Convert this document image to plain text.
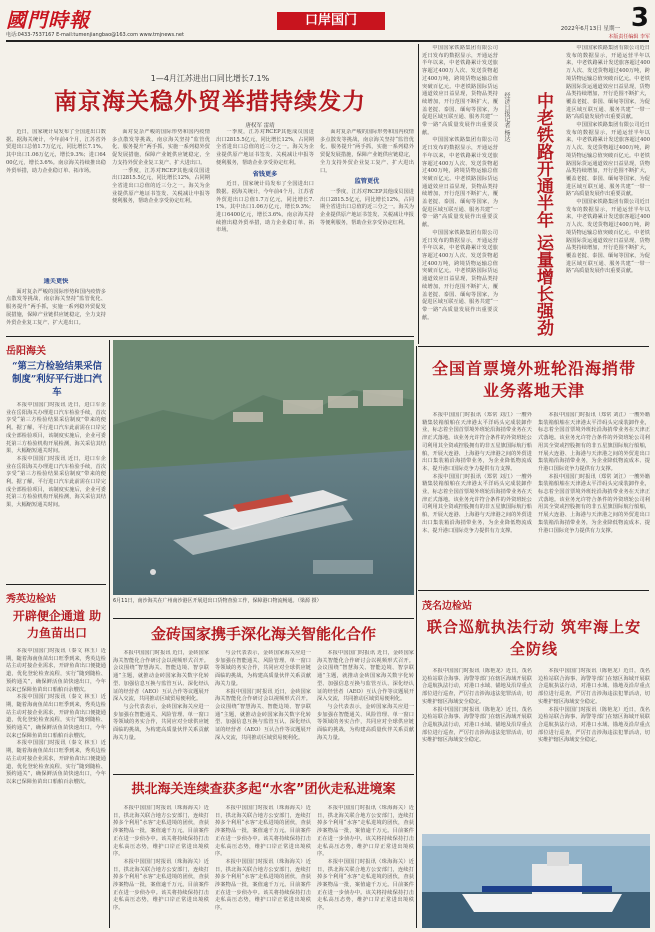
國門時報	口岸国门	3
电话:0433-7537167 E-mail:tumenjiangbao@163.com www.tmjnews.net
2022年6月13日 星期一
本版责任编辑 李军
1—4月江苏进出口同比增长7.1%
南京海关稳外贸举措持续发力
唐权军 雷靖

近日，国家统计局发布了全国进出口数据。据海关统计，今年前4个月，江苏省外贸进出口总值1.7万亿元，同比增长7.1%。其中出口1.06万亿元，增长9.3%；进口6400亿元，增长3.6%。南京海关持续推出稳外贸举措，助力企业稳订单、拓市场。

通关更快

面对复杂严峻的国际形势和国内疫情多点散发等挑战，南京海关坚持“监管优化、服务提升”两手抓，实施一系列稳外贸促发展措施，保障产业链供应链稳定，全力支持外贸企业复工复产、扩大进出口。

面对复杂严峻的国际形势和国内疫情多点散发等挑战，南京海关坚持“监管优化、服务提升”两手抓，实施一系列稳外贸促发展措施，保障产业链供应链稳定，全力支持外贸企业复工复产、扩大进出口。

一季度，江苏对RCEP其他成员国进出口2815.5亿元，同比增长12%，占同期全省进出口总值的近三分之一。海关为企业提供原产地证书签发、关税减让申报等便利服务，帮助企业享受协定红利。

一季度，江苏对RCEP其他成员国进出口2815.5亿元，同比增长12%，占同期全省进出口总值的近三分之一。海关为企业提供原产地证书签发、关税减让申报等便利服务，帮助企业享受协定红利。

省钱更多

近日，国家统计局发布了全国进出口数据。据海关统计，今年前4个月，江苏省外贸进出口总值1.7万亿元，同比增长7.1%。其中出口1.06万亿元，增长9.3%；进口6400亿元，增长3.6%。南京海关持续推出稳外贸举措，助力企业稳订单、拓市场。

面对复杂严峻的国际形势和国内疫情多点散发等挑战，南京海关坚持“监管优化、服务提升”两手抓，实施一系列稳外贸促发展措施，保障产业链供应链稳定，全力支持外贸企业复工复产、扩大进出口。

监管更优

一季度，江苏对RCEP其他成员国进出口2815.5亿元，同比增长12%，占同期全省进出口总值的近三分之一。海关为企业提供原产地证书签发、关税减让申报等便利服务，帮助企业享受协定红利。

中国国家铁路集团有限公司近日发布的数据显示，开通运营半年以来，中老铁路累计发送旅客超过400万人次、发送货物超过400万吨，跨境货物运输总值突破百亿元。中老铁路国际货运通道效应日益显现，货物品类持续增加，开行范围不断扩大，覆盖老挝、泰国、缅甸等国家，为促进区域互联互通、服务共建“一带一路”高质量发展作出重要贡献。

中国国家铁路集团有限公司近日发布的数据显示，开通运营半年以来，中老铁路累计发送旅客超过400万人次、发送货物超过400万吨，跨境货物运输总值突破百亿元。中老铁路国际货运通道效应日益显现，货物品类持续增加，开行范围不断扩大，覆盖老挝、泰国、缅甸等国家，为促进区域互联互通、服务共建“一带一路”高质量发展作出重要贡献。

中国国家铁路集团有限公司近日发布的数据显示，开通运营半年以来，中老铁路累计发送旅客超过400万人次、发送货物超过400万吨，跨境货物运输总值突破百亿元。中老铁路国际货运通道效应日益显现，货物品类持续增加，开行范围不断扩大，覆盖老挝、泰国、缅甸等国家，为促进区域互联互通、服务共建“一带一路”高质量发展作出重要贡献。	中老铁路开通半年 运量增长强劲
经济日报记者 杨达

中国国家铁路集团有限公司近日发布的数据显示，开通运营半年以来，中老铁路累计发送旅客超过400万人次、发送货物超过400万吨，跨境货物运输总值突破百亿元。中老铁路国际货运通道效应日益显现，货物品类持续增加，开行范围不断扩大，覆盖老挝、泰国、缅甸等国家，为促进区域互联互通、服务共建“一带一路”高质量发展作出重要贡献。

中国国家铁路集团有限公司近日发布的数据显示，开通运营半年以来，中老铁路累计发送旅客超过400万人次、发送货物超过400万吨，跨境货物运输总值突破百亿元。中老铁路国际货运通道效应日益显现，货物品类持续增加，开行范围不断扩大，覆盖老挝、泰国、缅甸等国家，为促进区域互联互通、服务共建“一带一路”高质量发展作出重要贡献。

中国国家铁路集团有限公司近日发布的数据显示，开通运营半年以来，中老铁路累计发送旅客超过400万人次、发送货物超过400万吨，跨境货物运输总值突破百亿元。中老铁路国际货运通道效应日益显现，货物品类持续增加，开行范围不断扩大，覆盖老挝、泰国、缅甸等国家，为促进区域互联互通、服务共建“一带一路”高质量发展作出重要贡献。

岳阳海关
“第三方检验结果采信制度”利好平行进口汽车

本报中国国门时报讯 近日，进口车企业在岳阳海关办理进口汽车检验手续，首次享受“第三方检验结果采信制度”带来的便利。据了解，平行进口汽车此前需在口岸完成全部检验项目，该制度实施后，企业可委托第三方检验机构开展检测，海关采信其结果，大幅缩短通关时间。

本报中国国门时报讯 近日，进口车企业在岳阳海关办理进口汽车检验手续，首次享受“第三方检验结果采信制度”带来的便利。据了解，平行进口汽车此前需在口岸完成全部检验项目，该制度实施后，企业可委托第三方检验机构开展检测，海关采信其结果，大幅缩短通关时间。

秀英边检站
开辟便企通道 助力鱼苗出口

本报中国国门时报讯（秦文 林玉）近期，随着海南鱼苗出口旺季到来，秀英边检站主动对接企业需求，开辟鱼苗出口便捷通道，优化登轮检查流程，实行“随到随检、预约通关”，确保鲜活鱼苗快速出口，今年以来已保障鱼苗出口船舶百余艘次。

本报中国国门时报讯（秦文 林玉）近期，随着海南鱼苗出口旺季到来，秀英边检站主动对接企业需求，开辟鱼苗出口便捷通道，优化登轮检查流程，实行“随到随检、预约通关”，确保鲜活鱼苗快速出口，今年以来已保障鱼苗出口船舶百余艘次。

本报中国国门时报讯（秦文 林玉）近期，随着海南鱼苗出口旺季到来，秀英边检站主动对接企业需求，开辟鱼苗出口便捷通道，优化登轮检查流程，实行“随到随检、预约通关”，确保鲜活鱼苗快速出口，今年以来已保障鱼苗出口船舶百余艘次。

6月11日，南沙海关在广州南沙港区开展进出口货物查验工作，保障港口物流畅通。（梁源 摄）
全国首票境外班轮沿海捎带业务落地天津

本报中国国门时报讯（郑常 刘江）一艘外籍集装箱船舶在天津港太平洋码头完成装卸作业，标志着全国首票境外班轮沿海捎带业务在天津正式落地。该业务允许符合条件的外资班轮公司利用其全资或控股拥有的非五星旗国际航行船舶，开展大连港、上海港与天津港之间的外贸进出口集装箱沿海捎带业务，为企业降低物流成本、提升港口国际竞争力提供有力支撑。

本报中国国门时报讯（郑常 刘江）一艘外籍集装箱船舶在天津港太平洋码头完成装卸作业，标志着全国首票境外班轮沿海捎带业务在天津正式落地。该业务允许符合条件的外资班轮公司利用其全资或控股拥有的非五星旗国际航行船舶，开展大连港、上海港与天津港之间的外贸进出口集装箱沿海捎带业务，为企业降低物流成本、提升港口国际竞争力提供有力支撑。

本报中国国门时报讯（郑常 刘江）一艘外籍集装箱船舶在天津港太平洋码头完成装卸作业，标志着全国首票境外班轮沿海捎带业务在天津正式落地。该业务允许符合条件的外资班轮公司利用其全资或控股拥有的非五星旗国际航行船舶，开展大连港、上海港与天津港之间的外贸进出口集装箱沿海捎带业务，为企业降低物流成本、提升港口国际竞争力提供有力支撑。

本报中国国门时报讯（郑常 刘江）一艘外籍集装箱船舶在天津港太平洋码头完成装卸作业，标志着全国首票境外班轮沿海捎带业务在天津正式落地。该业务允许符合条件的外资班轮公司利用其全资或控股拥有的非五星旗国际航行船舶，开展大连港、上海港与天津港之间的外贸进出口集装箱沿海捎带业务，为企业降低物流成本、提升港口国际竞争力提供有力支撑。

金砖国家携手深化海关智能化合作

本报中国国门时报讯 近日，金砖国家海关智能化合作研讨会以视频形式召开。会议围绕“智慧海关、智能边境、智享联通”主题，就推动金砖国家海关数字化转型、加强信息互换与监管互认、深化经认证的经营者（AEO）互认合作等议题展开深入交流，共同推动区域贸易便利化。

与会代表表示，金砖国家海关应进一步加强在智能通关、风险管理、单一窗口等领域的务实合作，共同应对全球供应链面临的挑战，为构建高质量伙伴关系贡献海关力量。

与会代表表示，金砖国家海关应进一步加强在智能通关、风险管理、单一窗口等领域的务实合作，共同应对全球供应链面临的挑战，为构建高质量伙伴关系贡献海关力量。

本报中国国门时报讯 近日，金砖国家海关智能化合作研讨会以视频形式召开。会议围绕“智慧海关、智能边境、智享联通”主题，就推动金砖国家海关数字化转型、加强信息互换与监管互认、深化经认证的经营者（AEO）互认合作等议题展开深入交流，共同推动区域贸易便利化。

本报中国国门时报讯 近日，金砖国家海关智能化合作研讨会以视频形式召开。会议围绕“智慧海关、智能边境、智享联通”主题，就推动金砖国家海关数字化转型、加强信息互换与监管互认、深化经认证的经营者（AEO）互认合作等议题展开深入交流，共同推动区域贸易便利化。

与会代表表示，金砖国家海关应进一步加强在智能通关、风险管理、单一窗口等领域的务实合作，共同应对全球供应链面临的挑战，为构建高质量伙伴关系贡献海关力量。

拱北海关连续查获多起“水客”团伙走私进境案

本报中国国门时报讯（珠海海关）近日，拱北海关联合地方公安部门，连续打掉多个利用“水客”走私进境的团伙，查获涉案物品一批，案值逾千万元。目前案件正在进一步侦办中。该关将持续保持打击走私高压态势，维护口岸正常进出境秩序。

本报中国国门时报讯（珠海海关）近日，拱北海关联合地方公安部门，连续打掉多个利用“水客”走私进境的团伙，查获涉案物品一批，案值逾千万元。目前案件正在进一步侦办中。该关将持续保持打击走私高压态势，维护口岸正常进出境秩序。

本报中国国门时报讯（珠海海关）近日，拱北海关联合地方公安部门，连续打掉多个利用“水客”走私进境的团伙，查获涉案物品一批，案值逾千万元。目前案件正在进一步侦办中。该关将持续保持打击走私高压态势，维护口岸正常进出境秩序。

本报中国国门时报讯（珠海海关）近日，拱北海关联合地方公安部门，连续打掉多个利用“水客”走私进境的团伙，查获涉案物品一批，案值逾千万元。目前案件正在进一步侦办中。该关将持续保持打击走私高压态势，维护口岸正常进出境秩序。

本报中国国门时报讯（珠海海关）近日，拱北海关联合地方公安部门，连续打掉多个利用“水客”走私进境的团伙，查获涉案物品一批，案值逾千万元。目前案件正在进一步侦办中。该关将持续保持打击走私高压态势，维护口岸正常进出境秩序。

本报中国国门时报讯（珠海海关）近日，拱北海关联合地方公安部门，连续打掉多个利用“水客”走私进境的团伙，查获涉案物品一批，案值逾千万元。目前案件正在进一步侦办中。该关将持续保持打击走私高压态势，维护口岸正常进出境秩序。

茂名边检站
联合巡航执法行动 筑牢海上安全防线

本报中国国门时报讯（陈艳龙）近日，茂名边检站联合海事、海警等部门在辖区海域开展联合巡航执法行动，对港口水域、锚地及沿岸重点部位进行巡查，严厉打击涉海违法犯罪活动，切实维护辖区海域安全稳定。

本报中国国门时报讯（陈艳龙）近日，茂名边检站联合海事、海警等部门在辖区海域开展联合巡航执法行动，对港口水域、锚地及沿岸重点部位进行巡查，严厉打击涉海违法犯罪活动，切实维护辖区海域安全稳定。

本报中国国门时报讯（陈艳龙）近日，茂名边检站联合海事、海警等部门在辖区海域开展联合巡航执法行动，对港口水域、锚地及沿岸重点部位进行巡查，严厉打击涉海违法犯罪活动，切实维护辖区海域安全稳定。

本报中国国门时报讯（陈艳龙）近日，茂名边检站联合海事、海警等部门在辖区海域开展联合巡航执法行动，对港口水域、锚地及沿岸重点部位进行巡查，严厉打击涉海违法犯罪活动，切实维护辖区海域安全稳定。
